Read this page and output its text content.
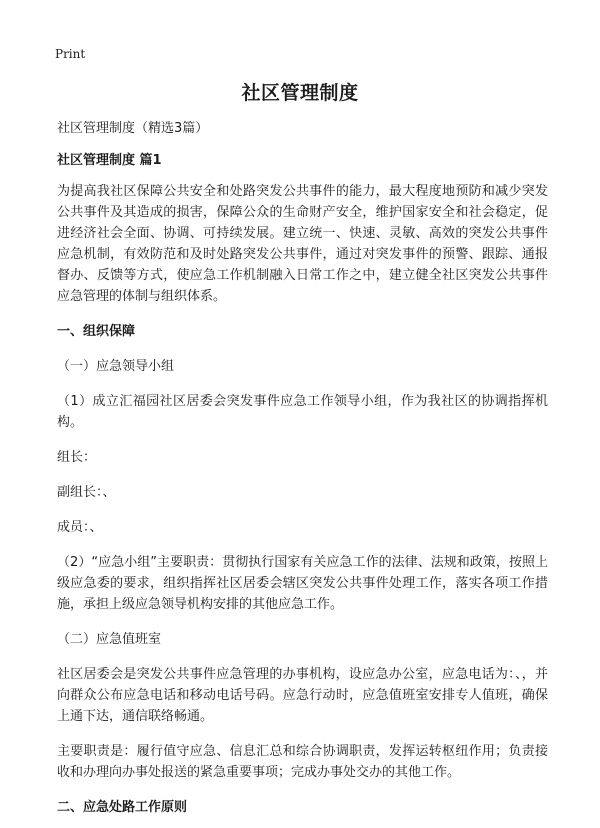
Print
社区管理制度

社区管理制度（精选3篇）

社区管理制度 篇1

为提高我社区保障公共安全和处路突发公共事件的能力，最大程度地预防和减少突发公共事件及其造成的损害，保障公众的生命财产安全，维护国家安全和社会稳定，促进经济社会全面、协调、可持续发展。建立统一、快速、灵敏、高效的突发公共事件应急机制，有效防范和及时处路突发公共事件，通过对突发事件的预警、跟踪、通报督办、反馈等方式，使应急工作机制融入日常工作之中，建立健全社区突发公共事件应急管理的体制与组织体系。

一、组织保障

（一）应急领导小组

（1）成立汇福园社区居委会突发事件应急工作领导小组，作为我社区的协调指挥机构。

组长：

副组长：、

成员：、

（2）“应急小组”主要职责：贯彻执行国家有关应急工作的法律、法规和政策，按照上级应急委的要求，组织指挥社区居委会辖区突发公共事件处理工作，落实各项工作措施，承担上级应急领导机构安排的其他应急工作。

（二）应急值班室

社区居委会是突发公共事件应急管理的办事机构，设应急办公室，应急电话为：、，并向群众公布应急电话和移动电话号码。应急行动时，应急值班室安排专人值班，确保上通下达，通信联络畅通。

主要职责是：履行值守应急、信息汇总和综合协调职责，发挥运转枢纽作用；负责接收和办理向办事处报送的紧急重要事项；完成办事处交办的其他工作。

二、应急处路工作原则
